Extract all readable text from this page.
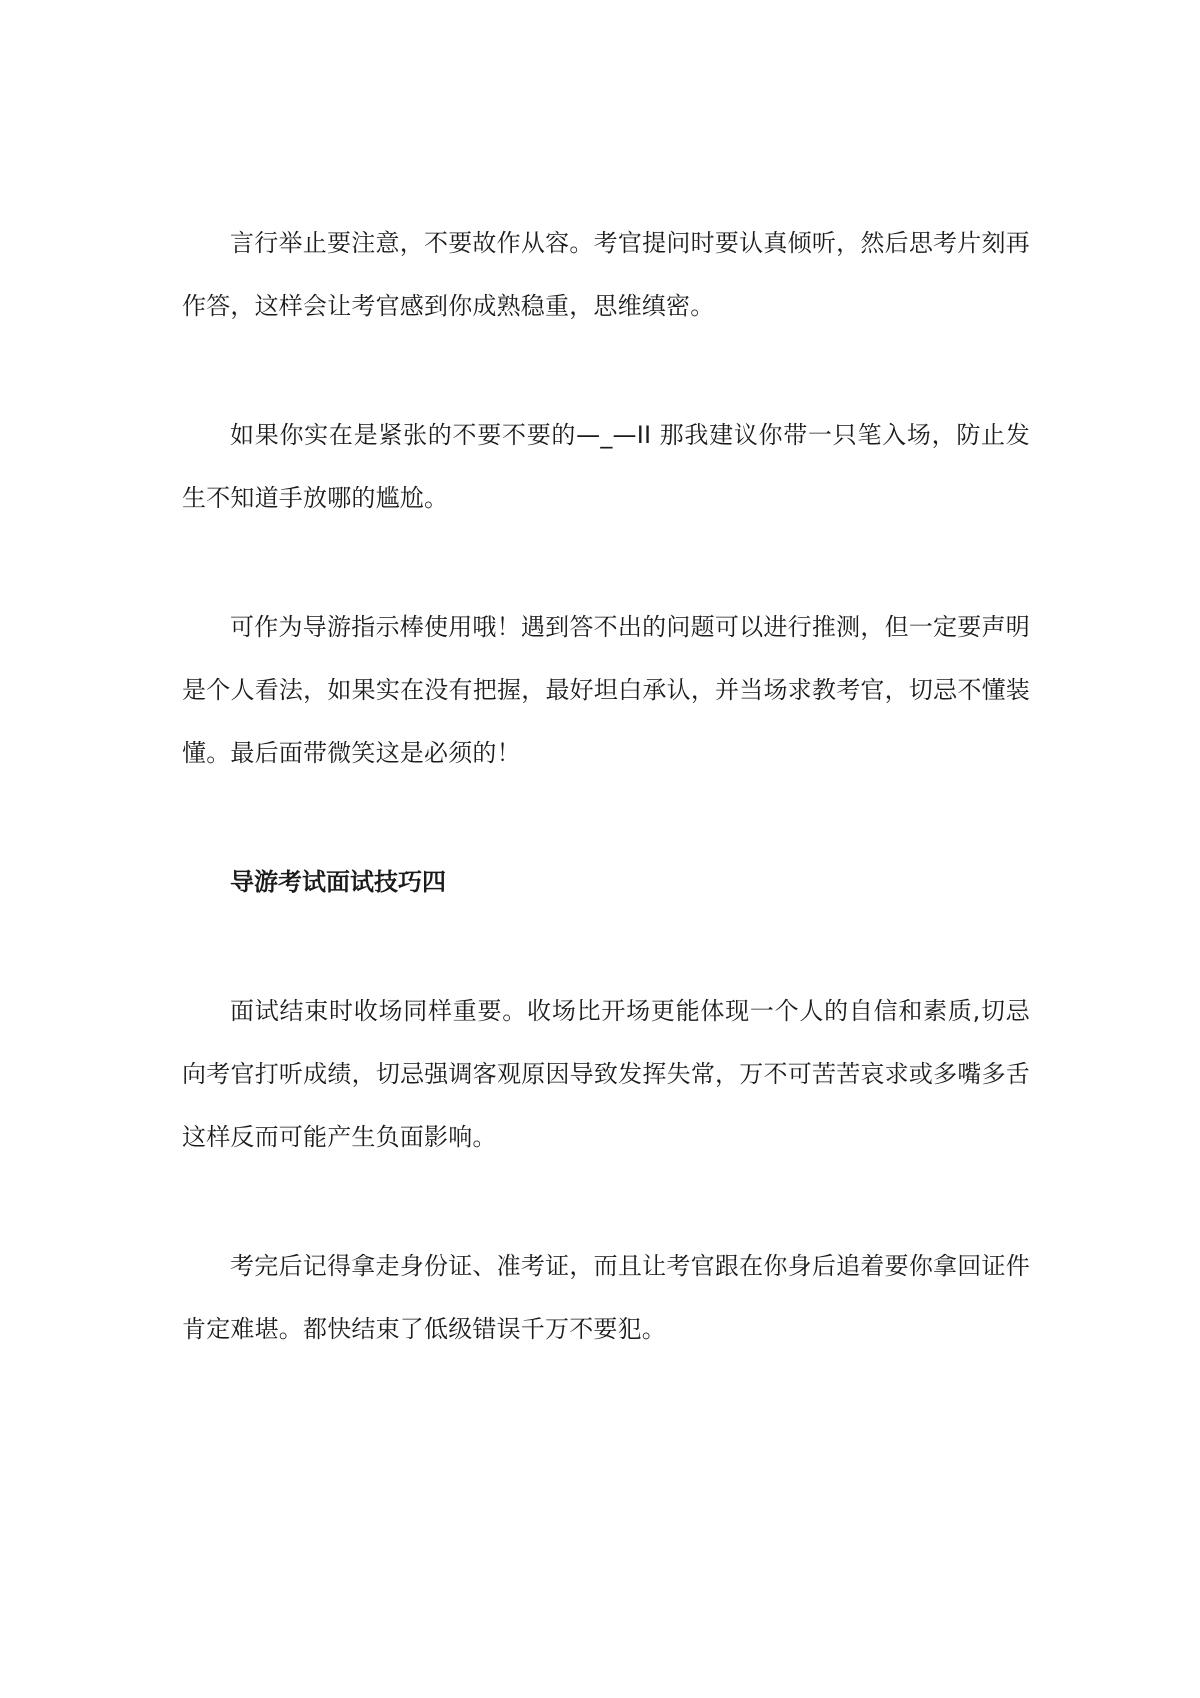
言行举止要注意，不要故作从容。考官提问时要认真倾听，然后思考片刻再作答，这样会让考官感到你成熟稳重，思维缜密。

如果你实在是紧张的不要不要的—_—II 那我建议你带一只笔入场，防止发生不知道手放哪的尴尬。

可作为导游指示棒使用哦！遇到答不出的问题可以进行推测，但一定要声明是个人看法，如果实在没有把握，最好坦白承认，并当场求教考官，切忌不懂装懂。最后面带微笑这是必须的！

导游考试面试技巧四

面试结束时收场同样重要。收场比开场更能体现一个人的自信和素质,切忌向考官打听成绩，切忌强调客观原因导致发挥失常，万不可苦苦哀求或多嘴多舌这样反而可能产生负面影响。

考完后记得拿走身份证、准考证，而且让考官跟在你身后追着要你拿回证件肯定难堪。都快结束了低级错误千万不要犯。
